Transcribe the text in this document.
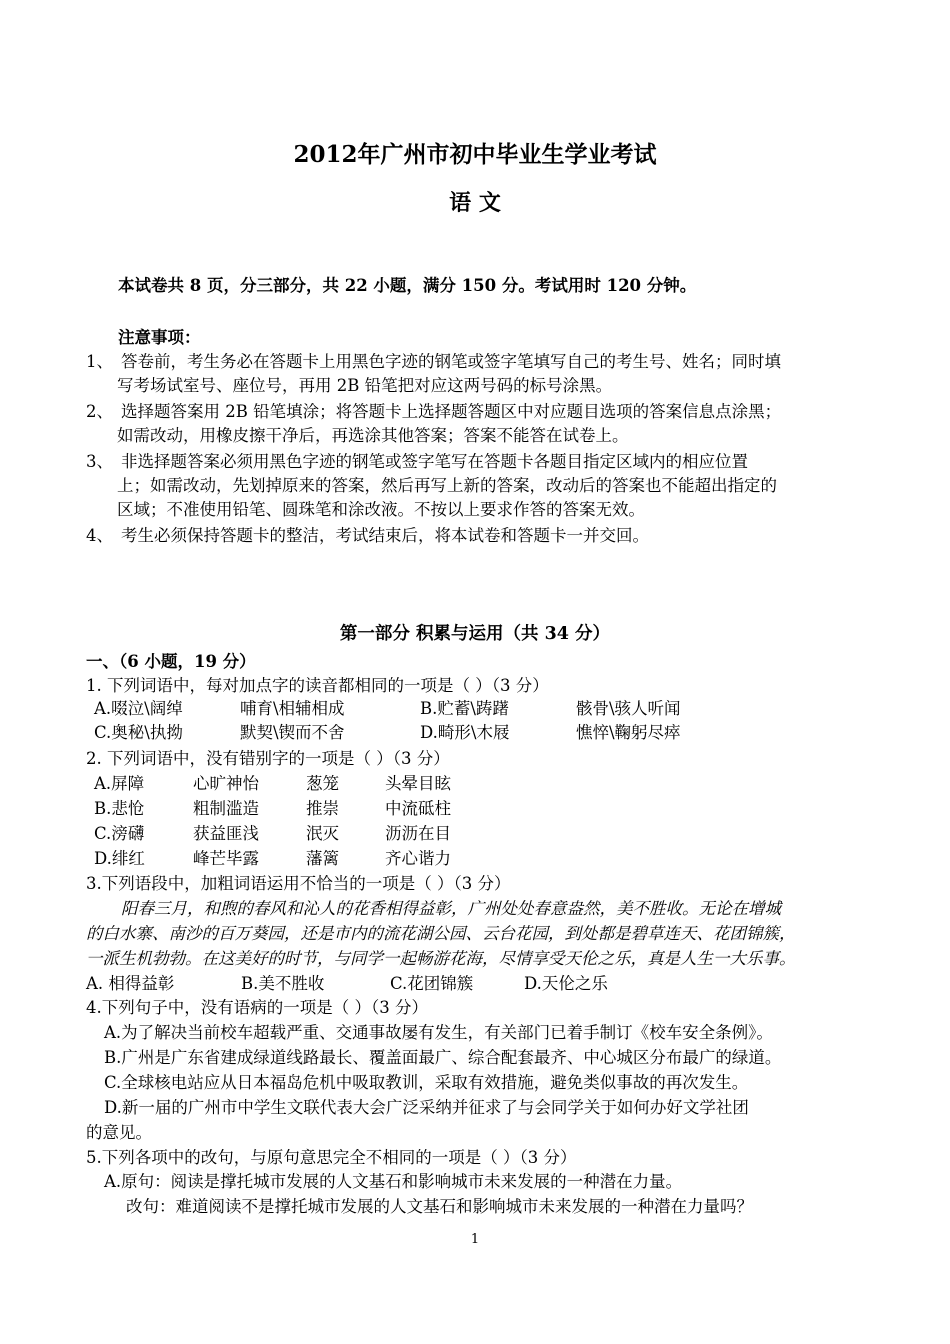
2012年广州市初中毕业生学业考试
语 文
本试卷共 8 页，分三部分，共 22 小题，满分 150 分。考试用时 120 分钟。
注意事项：
1、 答卷前，考生务必在答题卡上用黑色字迹的钢笔或签字笔填写自己的考生号、姓名；同时填
写考场试室号、座位号，再用 2B 铅笔把对应这两号码的标号涂黑。
2、 选择题答案用 2B 铅笔填涂；将答题卡上选择题答题区中对应题目选项的答案信息点涂黑；
如需改动，用橡皮擦干净后，再选涂其他答案；答案不能答在试卷上。
3、 非选择题答案必须用黑色字迹的钢笔或签字笔写在答题卡各题目指定区域内的相应位置
上；如需改动，先划掉原来的答案，然后再写上新的答案，改动后的答案也不能超出指定的
区域；不准使用铅笔、圆珠笔和涂改液。不按以上要求作答的答案无效。
4、 考生必须保持答题卡的整洁，考试结束后，将本试卷和答题卡一并交回。
第一部分 积累与运用（共 34 分）
一、（6 小题，19 分）
1. 下列词语中，每对加点字的读音都相同的一项是（ ）（3 分）
A.啜泣\阔绰	哺育\相辅相成	B.贮蓄\踌躇	骸骨\骇人听闻
C.奥秘\执拗	默契\锲而不舍	D.畸形\木屐	憔悴\鞠躬尽瘁
2. 下列词语中，没有错别字的一项是（ ）（3 分）
A.屏障	心旷神怡	葱笼	头晕目眩
B.悲怆	粗制滥造	推崇	中流砥柱
C.滂礴	获益匪浅	泯灭	沥沥在目
D.绯红	峰芒毕露	藩篱	齐心谐力
3.下列语段中，加粗词语运用不恰当的一项是（ ）（3 分）
阳春三月，和煦的春风和沁人的花香相得益彰，广州处处春意盎然，美不胜收。无论在增城
的白水寨、南沙的百万葵园，还是市内的流花湖公园、云台花园，到处都是碧草连天、花团锦簇，
一派生机勃勃。在这美好的时节，与同学一起畅游花海，尽情享受天伦之乐，真是人生一大乐事。
A. 相得益彰	B.美不胜收	C.花团锦簇	D.天伦之乐
4.下列句子中，没有语病的一项是（ ）（3 分）
A.为了解决当前校车超载严重、交通事故屡有发生，有关部门已着手制订《校车安全条例》。
B.广州是广东省建成绿道线路最长、覆盖面最广、综合配套最齐、中心城区分布最广的绿道。
C.全球核电站应从日本福岛危机中吸取教训，采取有效措施，避免类似事故的再次发生。
D.新一届的广州市中学生文联代表大会广泛采纳并征求了与会同学关于如何办好文学社团
的意见。
5.下列各项中的改句，与原句意思完全不相同的一项是（ ）（3 分）
A.原句：阅读是撑托城市发展的人文基石和影响城市未来发展的一种潜在力量。
改句：难道阅读不是撑托城市发展的人文基石和影响城市未来发展的一种潜在力量吗？
1
